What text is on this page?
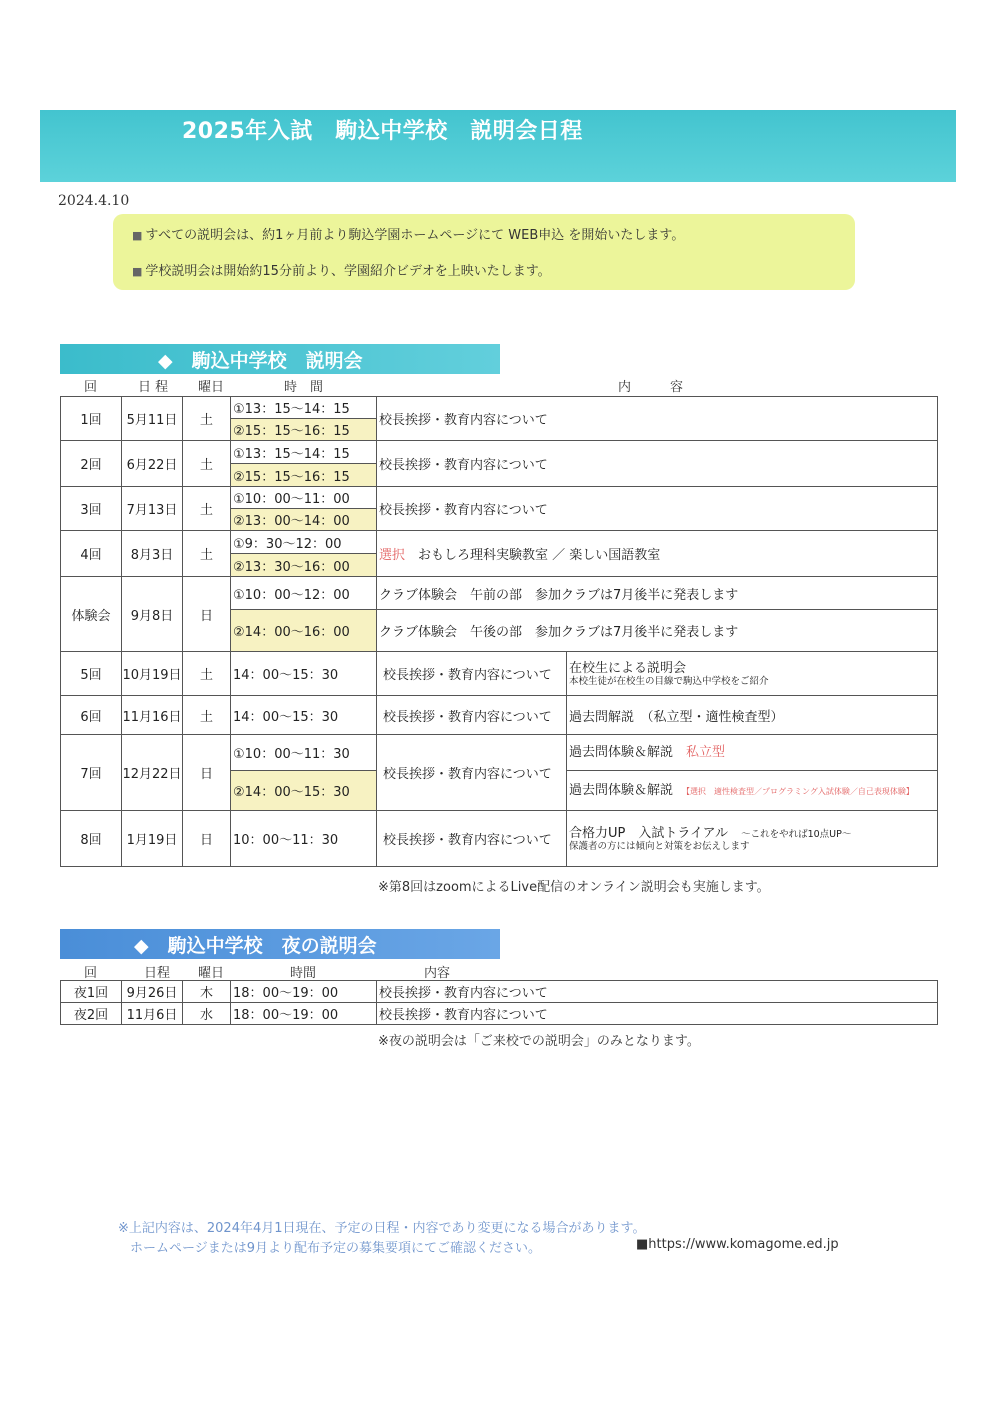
2025年入試　駒込中学校　説明会日程
2024.4.10
■ すべての説明会は、約1ヶ月前より駒込学園ホームページにて WEB申込 を開始いたします。
■ 学校説明会は開始約15分前より、学園紹介ビデオを上映いたします。
◆　駒込中学校　説明会
回	日 程 曜日	時　間	内　　　容
1回	5月11日	土	①13：15～14：15	校長挨拶・教育内容について	
			②15：15～16：15		
2回	6月22日	土	①13：15～14：15	校長挨拶・教育内容について	
			②15：15～16：15		
3回	7月13日	土	①10：00～11：00	校長挨拶・教育内容について	
			②13：00～14：00		
4回	8月3日	土	①9：30～12：00	選択　 おもしろ理科実験教室 ／ 楽しい国語教室	
			②13：30～16：00		
体験会	9月8日	日	①10：00～12：00	クラブ体験会　午前の部　参加クラブは7月後半に発表します	
			②14：00～16：00	クラブ体験会　午後の部　参加クラブは7月後半に発表します	
5回	10月19日	土	14：00～15：30	校長挨拶・教育内容について	在校生による説明会
本校生徒が在校生の目線で駒込中学校をご紹介

6回	11月16日	土	14：00～15：30	校長挨拶・教育内容について	過去問解説　（私立型・適性検査型）
7回	12月22日	日	①10：00～11：30	校長挨拶・教育内容について	過去問体験＆解説　 私立型
			②14：00～15：30		過去問体験＆解説　 【選択　適性検査型／プログラミング入試体験／自己表現体験】
8回	1月19日	日	10：00～11：30	校長挨拶・教育内容について	合格力UP　入試トライアル　 ～これをやれば10点UP～
保護者の方には傾向と対策をお伝えします
※第8回はzoomによるLive配信のオンライン説明会も実施します。
◆　駒込中学校　夜の説明会
回	日程 曜日	時間	内容
夜1回	9月26日	木	18：00～19：00	校長挨拶・教育内容について
夜2回	11月6日	水	18：00～19：00	校長挨拶・教育内容について
※夜の説明会は「ご来校での説明会」のみとなります。
※上記内容は、2024年4月1日現在、予定の日程・内容であり変更になる場合があります。
ホームページまたは9月より配布予定の募集要項にてご確認ください。	■https://www.komagome.ed.jp
